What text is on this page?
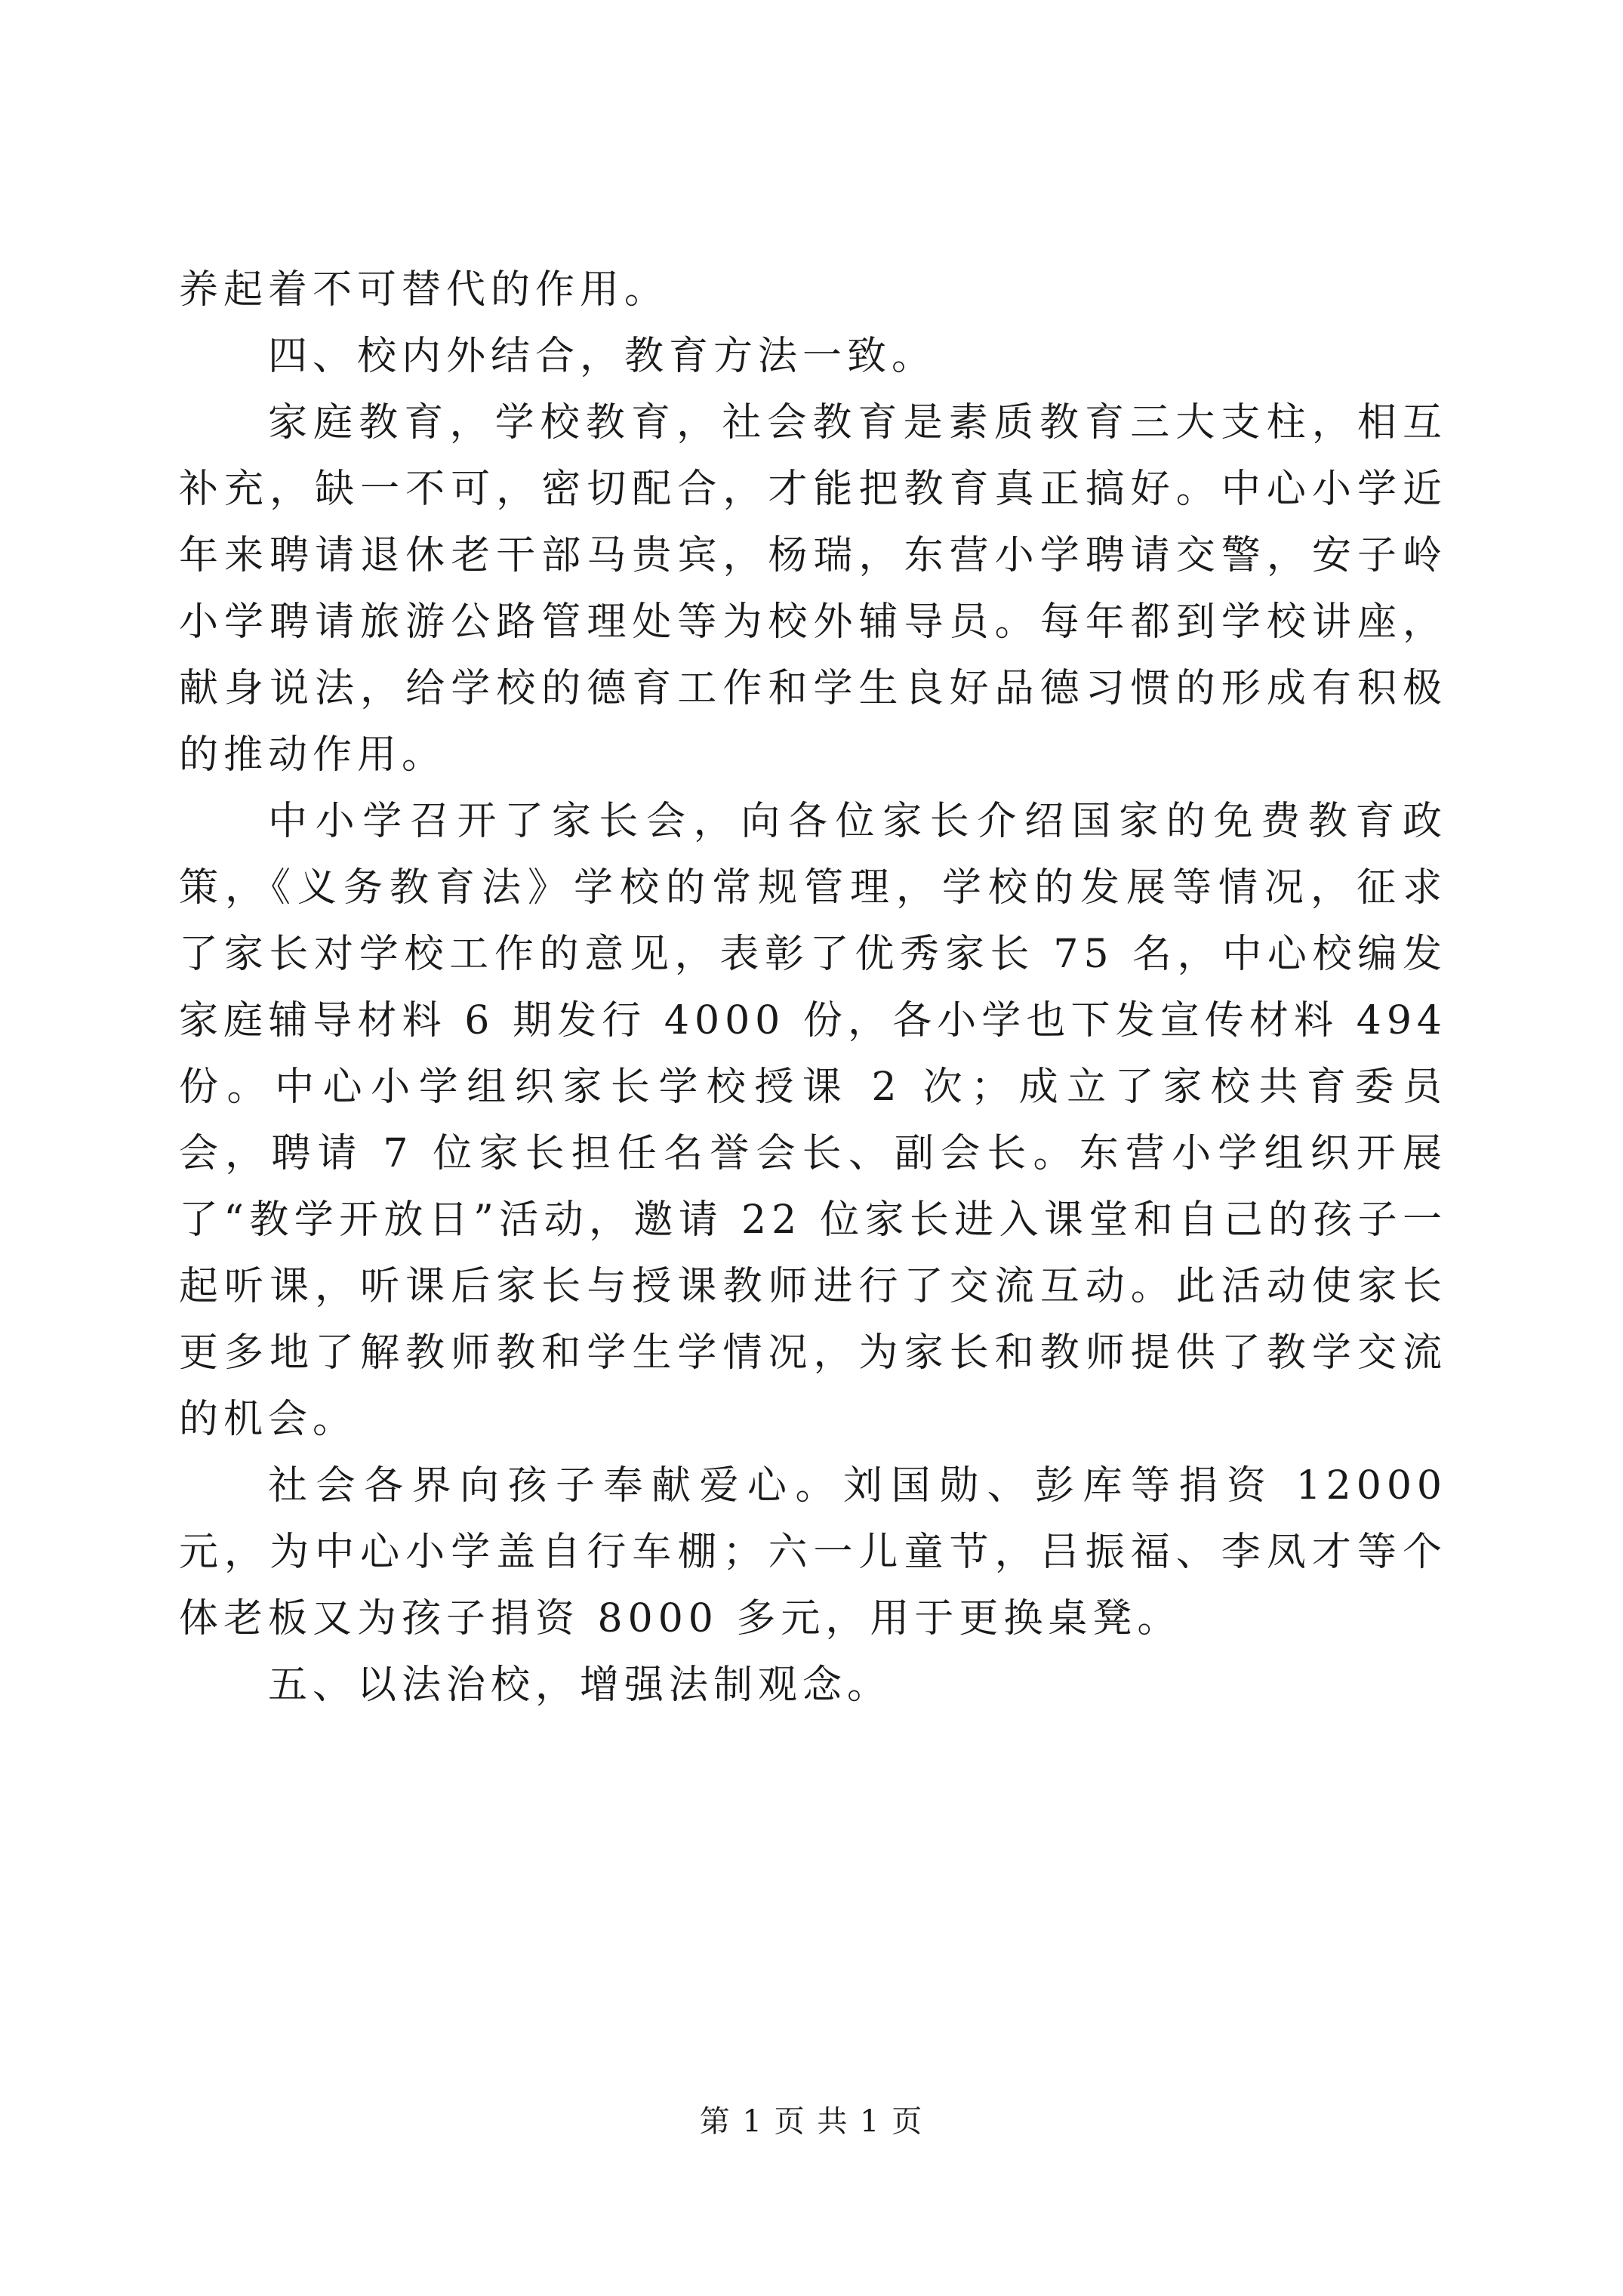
养起着不可替代的作用。

四、校内外结合，教育方法一致。

家庭教育，学校教育，社会教育是素质教育三大支柱，相互补充，缺一不可，密切配合，才能把教育真正搞好。中心小学近年来聘请退休老干部马贵宾，杨瑞，东营小学聘请交警，安子岭小学聘请旅游公路管理处等为校外辅导员。每年都到学校讲座，献身说法，给学校的德育工作和学生良好品德习惯的形成有积极的推动作用。

中小学召开了家长会，向各位家长介绍国家的免费教育政策，《义务教育法》学校的常规管理，学校的发展等情况，征求了家长对学校工作的意见，表彰了优秀家长 75 名，中心校编发家庭辅导材料 6 期发行 4000 份，各小学也下发宣传材料 494 份。中心小学组织家长学校授课 2 次；成立了家校共育委员会，聘请 7 位家长担任名誉会长、副会长。东营小学组织开展了“教学开放日”活动，邀请 22 位家长进入课堂和自己的孩子一起听课，听课后家长与授课教师进行了交流互动。此活动使家长更多地了解教师教和学生学情况，为家长和教师提供了教学交流的机会。

社会各界向孩子奉献爱心。刘国勋、彭库等捐资 12000 元，为中心小学盖自行车棚；六一儿童节，吕振福、李凤才等个体老板又为孩子捐资 8000 多元，用于更换桌凳。

五、以法治校，增强法制观念。

第 1 页 共 1 页
